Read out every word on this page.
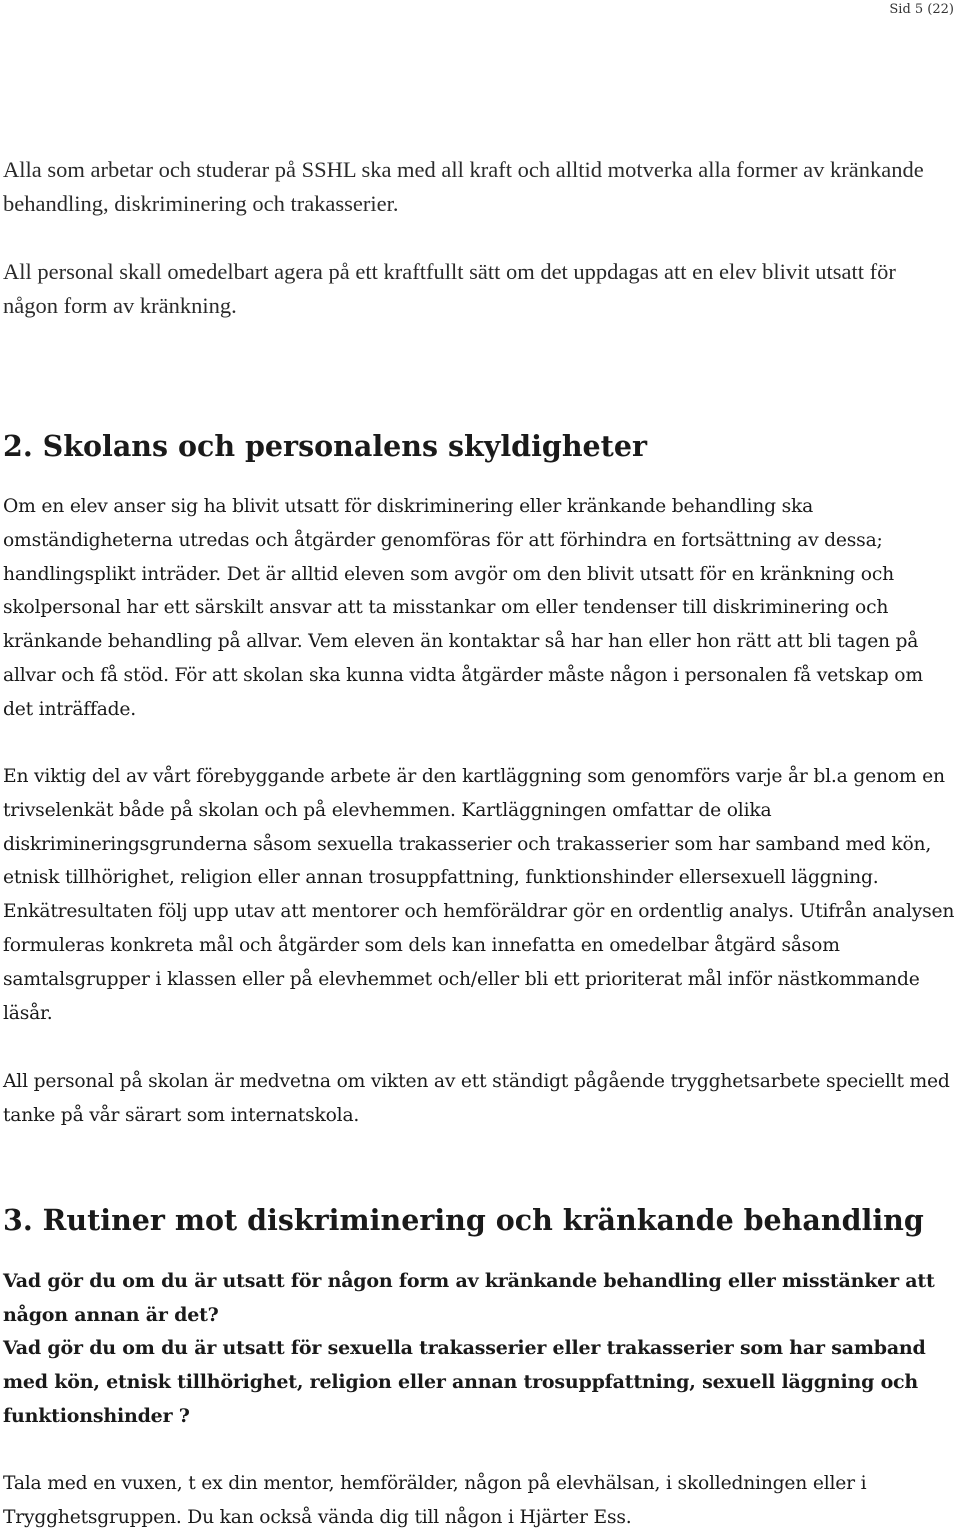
Sid 5 (22)

Alla som arbetar och studerar på SSHL ska med all kraft och alltid motverka alla former av kränkande behandling, diskriminering och trakasserier.

All personal skall omedelbart agera på ett kraftfullt sätt om det uppdagas att en elev blivit utsatt för någon form av kränkning.

2. Skolans och personalens skyldigheter

Om en elev anser sig ha blivit utsatt för diskriminering eller kränkande behandling ska omständigheterna utredas och åtgärder genomföras för att förhindra en fortsättning av dessa; handlingsplikt inträder. Det är alltid eleven som avgör om den blivit utsatt för en kränkning och skolpersonal har ett särskilt ansvar att ta misstankar om eller tendenser till diskriminering och kränkande behandling på allvar. Vem eleven än kontaktar så har han eller hon rätt att bli tagen på allvar och få stöd. För att skolan ska kunna vidta åtgärder måste någon i personalen få vetskap om det inträffade.

En viktig del av vårt förebyggande arbete är den kartläggning som genomförs varje år bl.a genom en trivselenkät både på skolan och på elevhemmen. Kartläggningen omfattar de olika diskrimineringsgrunderna såsom sexuella trakasserier och trakasserier som har samband med kön, etnisk tillhörighet, religion eller annan trosuppfattning, funktionshinder ellersexuell läggning. Enkätresultaten följ upp utav att mentorer och hemföräldrar gör en ordentlig analys. Utifrån analysen formuleras konkreta mål och åtgärder som dels kan innefatta en omedelbar åtgärd såsom samtalsgrupper i klassen eller på elevhemmet och/eller bli ett prioriterat mål inför nästkommande läsår.

All personal på skolan är medvetna om vikten av ett ständigt pågående trygghetsarbete speciellt med tanke på vår särart som internatskola.

3. Rutiner mot diskriminering och kränkande behandling

Vad gör du om du är utsatt för någon form av kränkande behandling eller misstänker att någon annan är det?

Vad gör du om du är utsatt för sexuella trakasserier eller trakasserier som har samband med kön, etnisk tillhörighet, religion eller annan trosuppfattning, sexuell läggning och funktionshinder ?

Tala med en vuxen, t ex din mentor, hemförälder, någon på elevhälsan, i skolledningen eller i Trygghetsgruppen. Du kan också vända dig till någon i Hjärter Ess.
